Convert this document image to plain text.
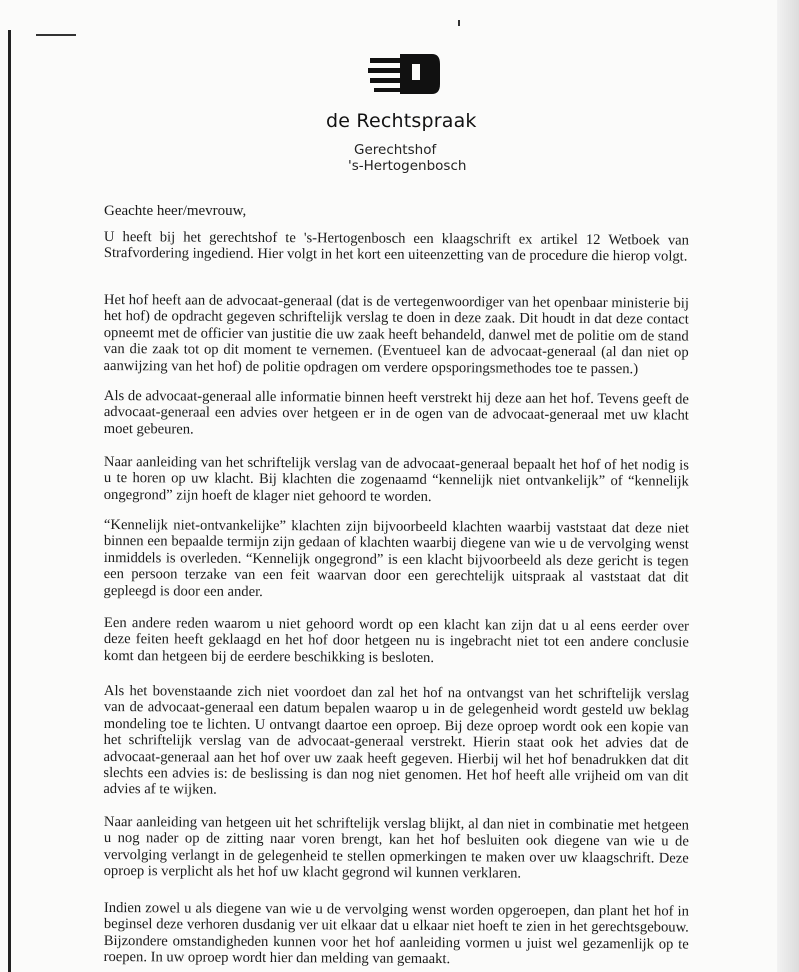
de Rechtspraak
Gerechtshof
's-Hertogenbosch
Geachte heer/mevrouw,

U heeft bij het gerechtshof te 's-Hertogenbosch een klaagschrift ex artikel 12 Wetboek van Strafvordering ingediend. Hier volgt in het kort een uiteenzetting van de procedure die hierop volgt.

Het hof heeft aan de advocaat-generaal (dat is de vertegenwoordiger van het openbaar ministerie bij het hof) de opdracht gegeven schriftelijk verslag te doen in deze zaak. Dit houdt in dat deze contact opneemt met de officier van justitie die uw zaak heeft behandeld, danwel met de politie om de stand van die zaak tot op dit moment te vernemen. (Eventueel kan de advocaat-generaal (al dan niet op aanwijzing van het hof) de politie opdragen om verdere opsporingsmethodes toe te passen.)

Als de advocaat-generaal alle informatie binnen heeft verstrekt hij deze aan het hof. Tevens geeft de advocaat-generaal een advies over hetgeen er in de ogen van de advocaat-generaal met uw klacht moet gebeuren.

Naar aanleiding van het schriftelijk verslag van de advocaat-generaal bepaalt het hof of het nodig is u te horen op uw klacht. Bij klachten die zogenaamd “kennelijk niet ontvankelijk” of “kennelijk ongegrond” zijn hoeft de klager niet gehoord te worden.

“Kennelijk niet-ontvankelijke” klachten zijn bijvoorbeeld klachten waarbij vaststaat dat deze niet binnen een bepaalde termijn zijn gedaan of klachten waarbij diegene van wie u de vervolging wenst inmiddels is overleden. “Kennelijk ongegrond” is een klacht bijvoorbeeld als deze gericht is tegen een persoon terzake van een feit waarvan door een gerechtelijk uitspraak al vaststaat dat dit gepleegd is door een ander.

Een andere reden waarom u niet gehoord wordt op een klacht kan zijn dat u al eens eerder over deze feiten heeft geklaagd en het hof door hetgeen nu is ingebracht niet tot een andere conclusie komt dan hetgeen bij de eerdere beschikking is besloten.

Als het bovenstaande zich niet voordoet dan zal het hof na ontvangst van het schriftelijk verslag van de advocaat-generaal een datum bepalen waarop u in de gelegenheid wordt gesteld uw beklag mondeling toe te lichten. U ontvangt daartoe een oproep. Bij deze oproep wordt ook een kopie van het schriftelijk verslag van de advocaat-generaal verstrekt. Hierin staat ook het advies dat de advocaat-generaal aan het hof over uw zaak heeft gegeven. Hierbij wil het hof benadrukken dat dit slechts een advies is: de beslissing is dan nog niet genomen. Het hof heeft alle vrijheid om van dit advies af te wijken.

Naar aanleiding van hetgeen uit het schriftelijk verslag blijkt, al dan niet in combinatie met hetgeen u nog nader op de zitting naar voren brengt, kan het hof besluiten ook diegene van wie u de vervolging verlangt in de gelegenheid te stellen opmerkingen te maken over uw klaagschrift. Deze oproep is verplicht als het hof uw klacht gegrond wil kunnen verklaren.

Indien zowel u als diegene van wie u de vervolging wenst worden opgeroepen, dan plant het hof in beginsel deze verhoren dusdanig ver uit elkaar dat u elkaar niet hoeft te zien in het gerechtsgebouw. Bijzondere omstandigheden kunnen voor het hof aanleiding vormen u juist wel gezamenlijk op te roepen. In uw oproep wordt hier dan melding van gemaakt.
